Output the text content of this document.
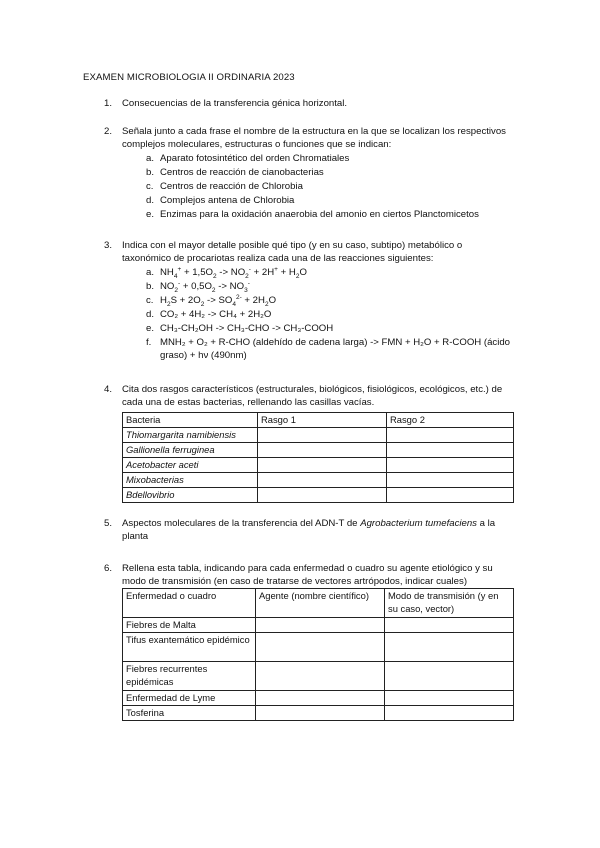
EXAMEN MICROBIOLOGIA II ORDINARIA 2023
1. Consecuencias de la transferencia génica horizontal.
2. Señala junto a cada frase el nombre de la estructura en la que se localizan los respectivos complejos moleculares, estructuras o funciones que se indican:
a. Aparato fotosintético del orden Chromatiales
b. Centros de reacción de cianobacterias
c. Centros de reacción de Chlorobia
d. Complejos antena de Chlorobia
e. Enzimas para la oxidación anaerobia del amonio en ciertos Planctomicetos
3. Indica con el mayor detalle posible qué tipo (y en su caso, subtipo) metabólico o taxonómico de procariotas realiza cada una de las reacciones siguientes:
a. $NH_4^+ + 1,5O_2 -> NO_2^- + 2H^+ + H_2O$
b. $NO_2^- + 0,5O_2 -> NO_3^-$
c. $H_2S + 2O_2 -> SO_4^{2-} + 2H_2O$
d. CO₂ + 4H₂ -> CH₄ + 2H₂O
e. CH₃-CH₂OH -> CH₃-CHO -> CH₃-COOH
f. MNH₂ + O₂ + R-CHO (aldehído de cadena larga) -> FMN + H₂O + R-COOH (ácido graso) + hν (490nm)
4. Cita dos rasgos característicos (estructurales, biológicos, fisiológicos, ecológicos, etc.) de cada una de estas bacterias, rellenando las casillas vacías.
Bacteria	Rasgo 1	Rasgo 2
Thiomargarita namibiensis		
Gallionella ferruginea		
Acetobacter aceti		
Mixobacterias		
Bdellovibrio		
5. Aspectos moleculares de la transferencia del ADN-T de Agrobacterium tumefaciens a la planta
6. Rellena esta tabla, indicando para cada enfermedad o cuadro su agente etiológico y su modo de transmisión (en caso de tratarse de vectores artrópodos, indicar cuales)
Enfermedad o cuadro	Agente (nombre científico)	Modo de transmisión (y en su caso, vector)
Fiebres de Malta		
Tifus exantemático epidémico		
Fiebres recurrentes epidémicas		
Enfermedad de Lyme		
Tosferina		
